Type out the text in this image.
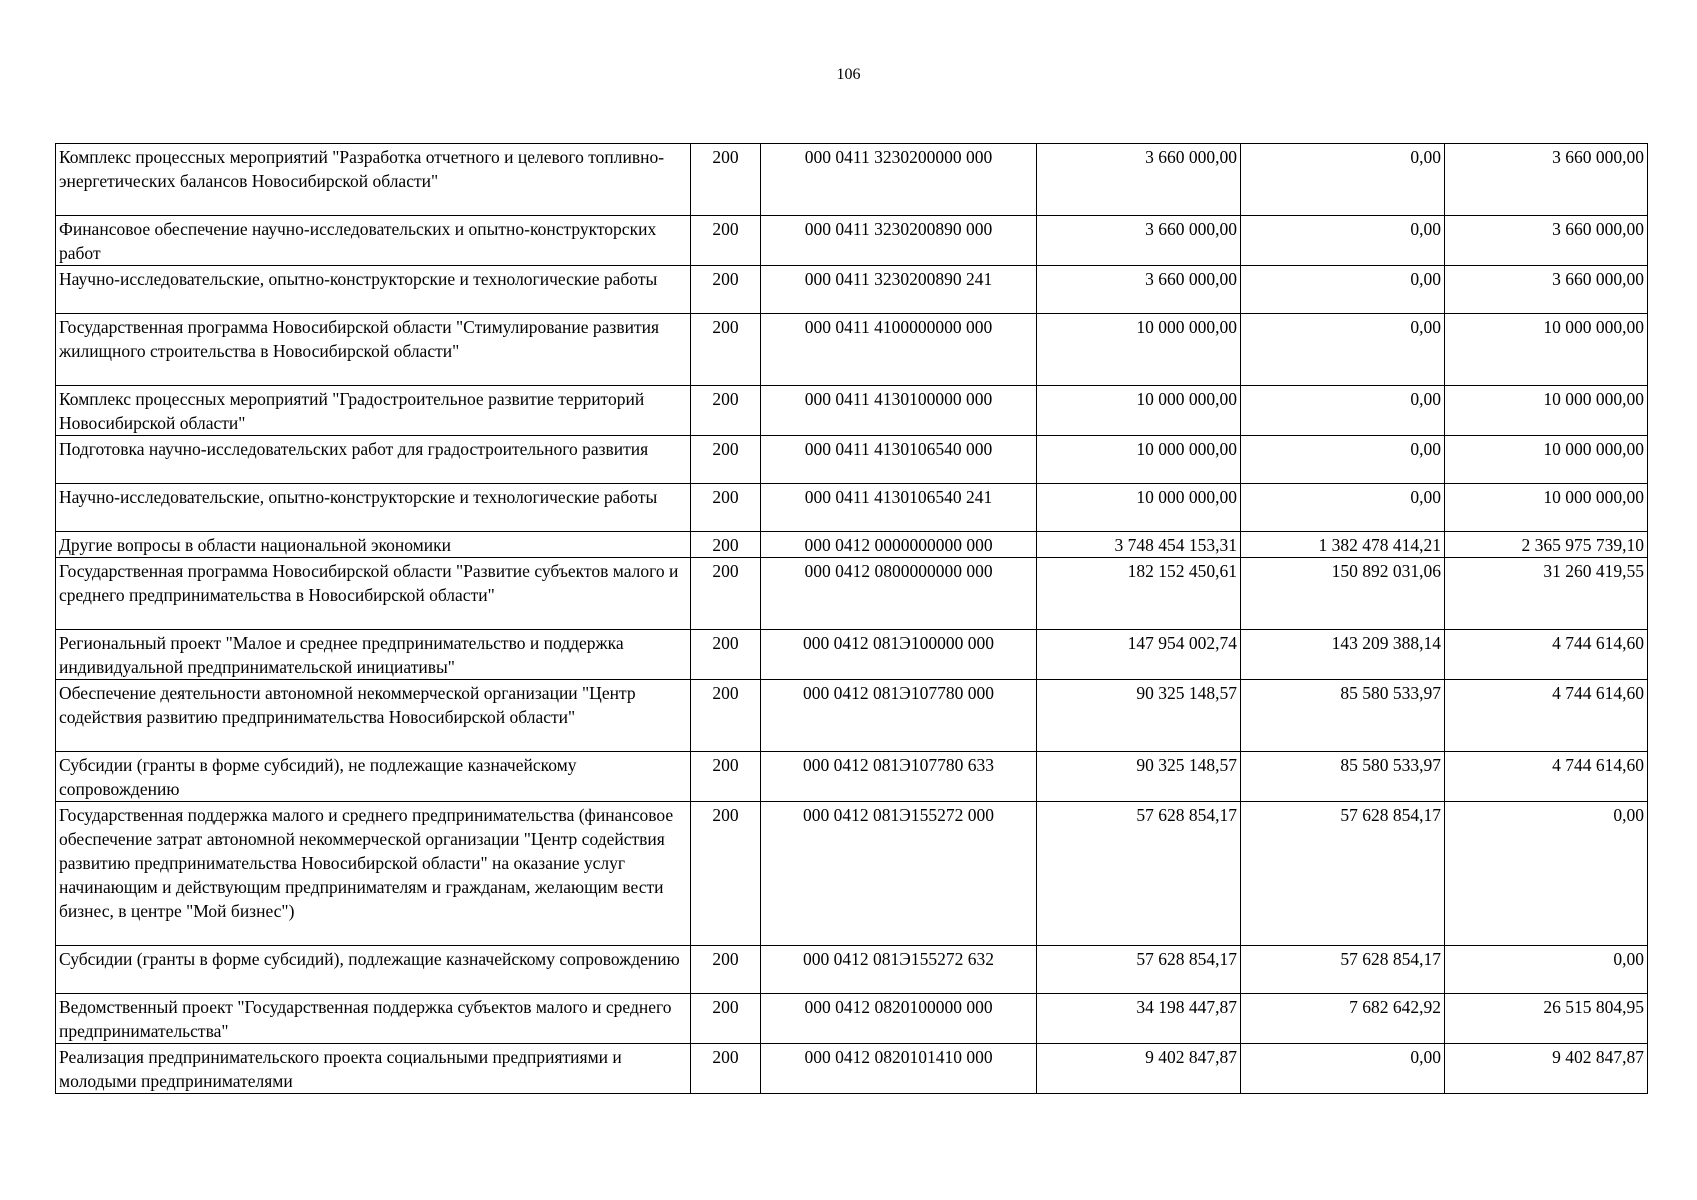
106
Комплекс процессных мероприятий "Разработка отчетного и целевого топливно-энергетических балансов Новосибирской области"	200	000 0411 3230200000 000	3 660 000,00	0,00	3 660 000,00
Финансовое обеспечение научно-исследовательских и опытно-конструкторских работ	200	000 0411 3230200890 000	3 660 000,00	0,00	3 660 000,00
Научно-исследовательские, опытно-конструкторские и технологические работы	200	000 0411 3230200890 241	3 660 000,00	0,00	3 660 000,00
Государственная программа Новосибирской области "Стимулирование развития жилищного строительства в Новосибирской области"	200	000 0411 4100000000 000	10 000 000,00	0,00	10 000 000,00
Комплекс процессных мероприятий "Градостроительное развитие территорий Новосибирской области"	200	000 0411 4130100000 000	10 000 000,00	0,00	10 000 000,00
Подготовка научно-исследовательских работ для градостроительного развития	200	000 0411 4130106540 000	10 000 000,00	0,00	10 000 000,00
Научно-исследовательские, опытно-конструкторские и технологические работы	200	000 0411 4130106540 241	10 000 000,00	0,00	10 000 000,00
Другие вопросы в области национальной экономики	200	000 0412 0000000000 000	3 748 454 153,31	1 382 478 414,21	2 365 975 739,10
Государственная программа Новосибирской области "Развитие субъектов малого и среднего предпринимательства в Новосибирской области"	200	000 0412 0800000000 000	182 152 450,61	150 892 031,06	31 260 419,55
Региональный проект "Малое и среднее предпринимательство и поддержка индивидуальной предпринимательской инициативы"	200	000 0412 081Э100000 000	147 954 002,74	143 209 388,14	4 744 614,60
Обеспечение деятельности автономной некоммерческой организации "Центр содействия развитию предпринимательства Новосибирской области"	200	000 0412 081Э107780 000	90 325 148,57	85 580 533,97	4 744 614,60
Субсидии (гранты в форме субсидий), не подлежащие казначейскому сопровождению	200	000 0412 081Э107780 633	90 325 148,57	85 580 533,97	4 744 614,60
Государственная поддержка малого и среднего предпринимательства (финансовое обеспечение затрат автономной некоммерческой организации "Центр содействия развитию предпринимательства Новосибирской области" на оказание услуг начинающим и действующим предпринимателям и гражданам, желающим вести бизнес, в центре "Мой бизнес")	200	000 0412 081Э155272 000	57 628 854,17	57 628 854,17	0,00
Субсидии (гранты в форме субсидий), подлежащие казначейскому сопровождению	200	000 0412 081Э155272 632	57 628 854,17	57 628 854,17	0,00
Ведомственный проект "Государственная поддержка субъектов малого и среднего предпринимательства"	200	000 0412 0820100000 000	34 198 447,87	7 682 642,92	26 515 804,95
Реализация предпринимательского проекта социальными предприятиями и молодыми предпринимателями	200	000 0412 0820101410 000	9 402 847,87	0,00	9 402 847,87
